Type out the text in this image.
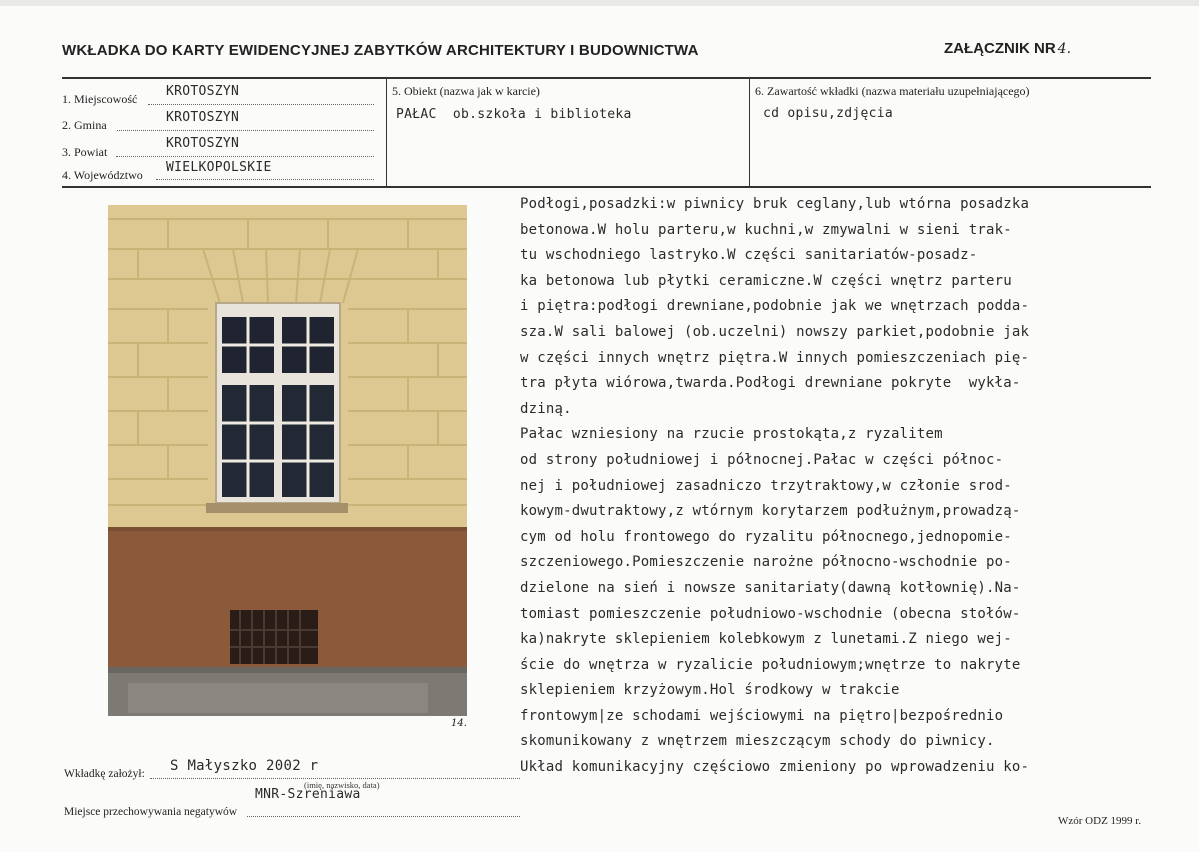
WKŁADKA DO KARTY EWIDENCYJNEJ ZABYTKÓW ARCHITEKTURY I BUDOWNICTWA	ZAŁĄCZNIK NR 4.
1. Miejscowość KROTOSZYN
2. Gmina	KROTOSZYN
3. Powiat
KROTOSZYN
4. Województwo WIELKOPOLSKIE
5. Obiekt (nazwa jak w karcie)
PAŁAC  ob.szkoła i biblioteka
6. Zawartość wkładki (nazwa materiału uzupełniającego)
cd opisu,zdjęcia
14.
Podłogi,posadzki:w piwnicy bruk ceglany,lub wtórna posadzka
betonowa.W holu parteru,w kuchni,w zmywalni w sieni trak-
tu wschodniego lastryko.W części sanitariatów-posadz-
ka betonowa lub płytki ceramiczne.W części wnętrz parteru
i piętra:podłogi drewniane,podobnie jak we wnętrzach podda-
sza.W sali balowej (ob.uczelni) nowszy parkiet,podobnie jak
w części innych wnętrz piętra.W innych pomieszczeniach pię-
tra płyta wiórowa,twarda.Podłogi drewniane pokryte  wykła-
dziną.
Pałac wzniesiony na rzucie prostokąta,z ryzalitem
od strony południowej i północnej.Pałac w części północ-
nej i południowej zasadniczo trzytraktowy,w członie srod-
kowym-dwutraktowy,z wtórnym korytarzem podłużnym,prowadzą-
cym od holu frontowego do ryzalitu północnego,jednopomie-
szczeniowego.Pomieszczenie narożne północno-wschodnie po-
dzielone na sień i nowsze sanitariaty(dawną kotłownię).Na-
tomiast pomieszczenie południowo-wschodnie (obecna stołów-
ka)nakryte sklepieniem kolebkowym z lunetami.Z niego wej-
ście do wnętrza w ryzalicie południowym;wnętrze to nakryte
sklepieniem krzyżowym.Hol środkowy w trakcie
frontowym|ze schodami wejściowymi na piętro|bezpośrednio
skomunikowany z wnętrzem mieszczącym schody do piwnicy.
Układ komunikacyjny częściowo zmieniony po wprowadzeniu ko-
Wkładkę założył: S Małyszko 2002 r
(imię, nazwisko, data)
MNR-Szreniawa
Miejsce przechowywania negatywów
Wzór ODZ 1999 r.
